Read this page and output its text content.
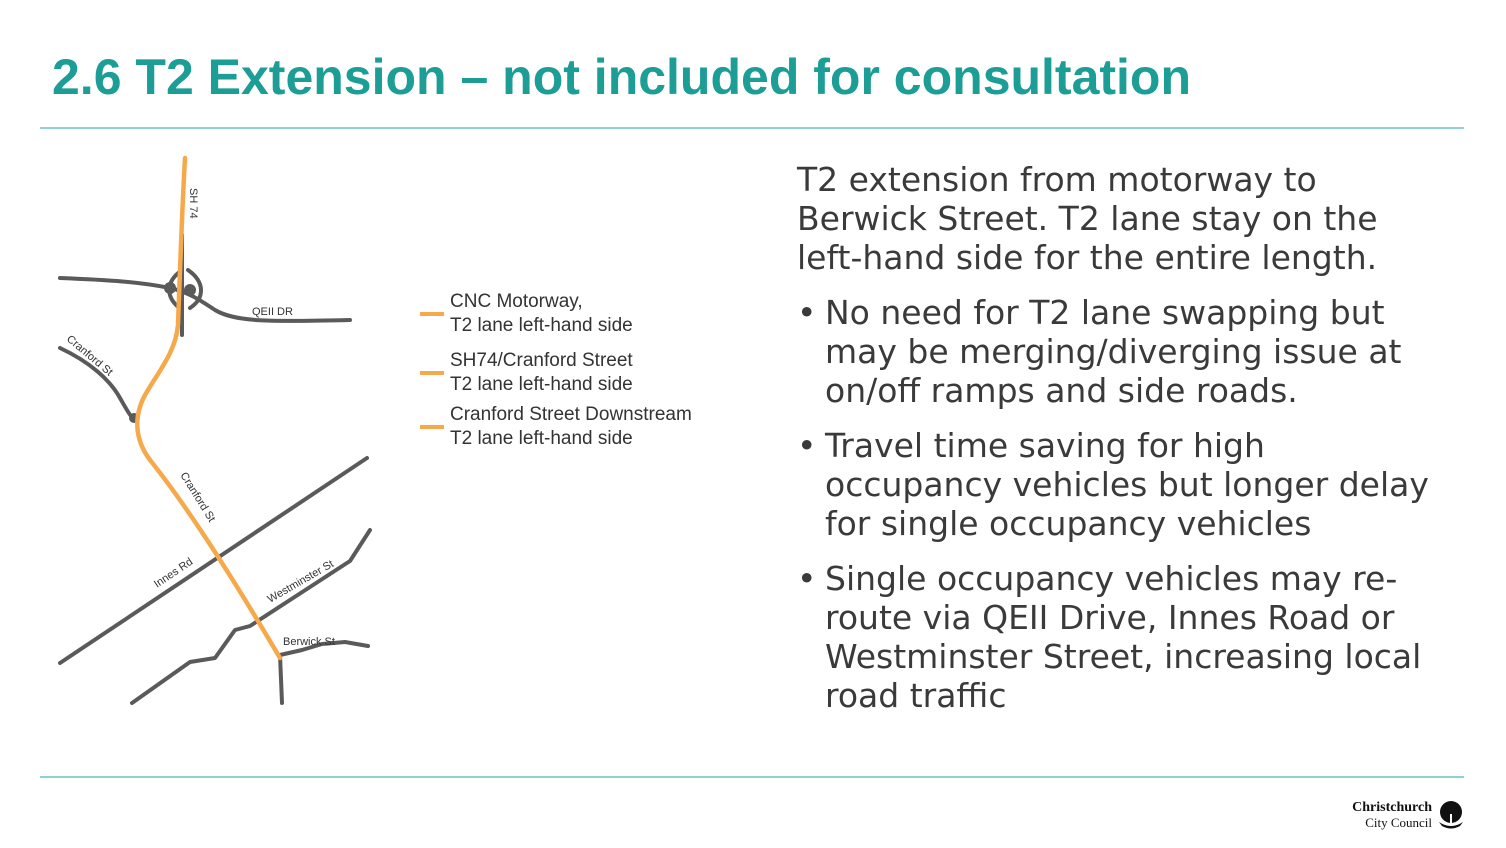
2.6 T2 Extension – not included for consultation
SH 74
QEII DR
Cranford St
Cranford St
Innes Rd	Westminster St
Berwick St
CNC Motorway,
T2 lane left-hand side
SH74/Cranford Street
T2 lane left-hand side
Cranford Street Downstream
T2 lane left-hand side

T2 extension from motorway to Berwick Street. T2 lane stay on the left-hand side for the entire length.

• No need for T2 lane swapping but may be merging/diverging issue at on/off ramps and side roads.
• Travel time saving for high occupancy vehicles but longer delay for single occupancy vehicles
• Single occupancy vehicles may re-route via QEII Drive, Innes Road or Westminster Street, increasing local road traffic
Christchurch
City Council
